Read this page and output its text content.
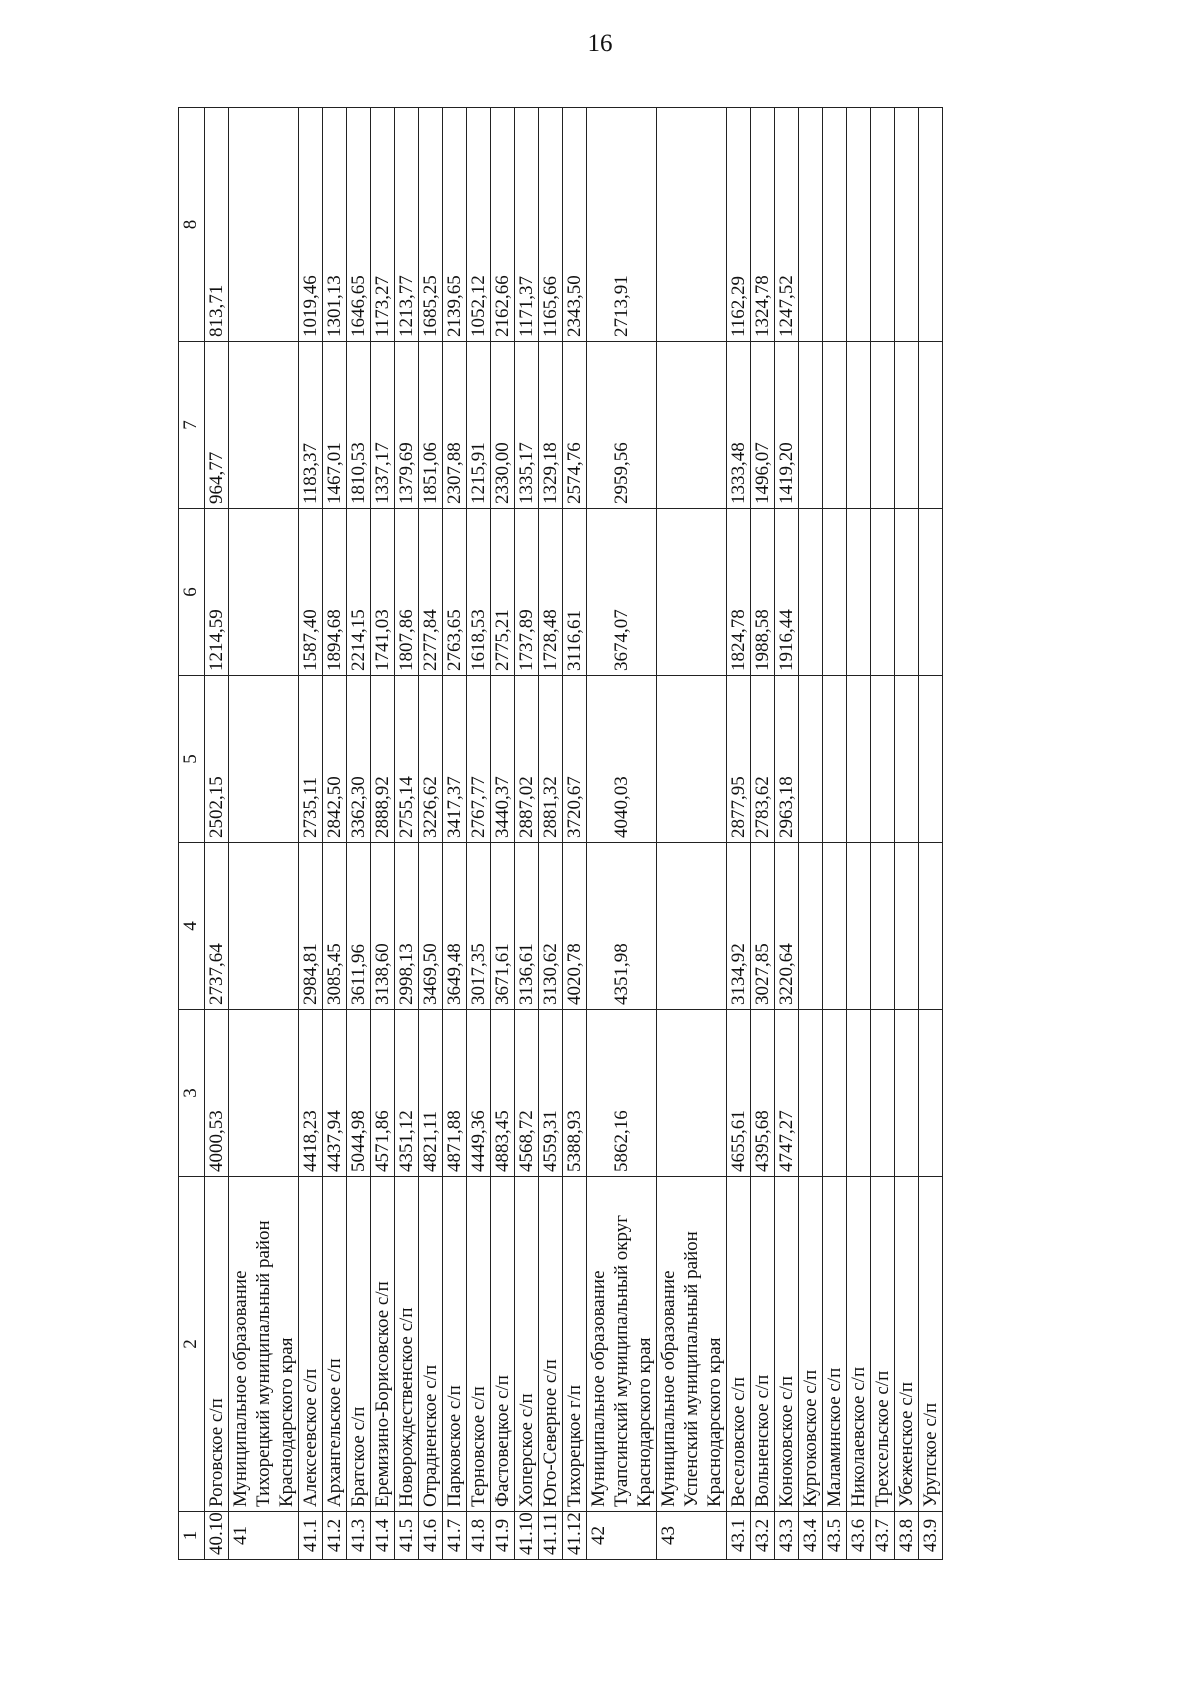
16
1	2	3	4	5	6	7	8
40.10	Роговское с/п	4000,53	2737,64	2502,15	1214,59	964,77	813,71
41	Муниципальное образование Тихорецкий муниципальный район Краснодарского края						
41.1	Алексеевское с/п	4418,23	2984,81	2735,11	1587,40	1183,37	1019,46
41.2	Архангельское с/п	4437,94	3085,45	2842,50	1894,68	1467,01	1301,13
41.3	Братское с/п	5044,98	3611,96	3362,30	2214,15	1810,53	1646,65
41.4	Еремизино-Борисовское с/п	4571,86	3138,60	2888,92	1741,03	1337,17	1173,27
41.5	Новорождественское с/п	4351,12	2998,13	2755,14	1807,86	1379,69	1213,77
41.6	Отрадненское с/п	4821,11	3469,50	3226,62	2277,84	1851,06	1685,25
41.7	Парковское с/п	4871,88	3649,48	3417,37	2763,65	2307,88	2139,65
41.8	Терновское с/п	4449,36	3017,35	2767,77	1618,53	1215,91	1052,12
41.9	Фастовецкое с/п	4883,45	3671,61	3440,37	2775,21	2330,00	2162,66
41.10	Хоперское с/п	4568,72	3136,61	2887,02	1737,89	1335,17	1171,37
41.11	Юго-Северное с/п	4559,31	3130,62	2881,32	1728,48	1329,18	1165,66
41.12	Тихорецкое г/п	5388,93	4020,78	3720,67	3116,61	2574,76	2343,50
42	Муниципальное образование Туапсинский муниципальный округ Краснодарского края	5862,16	4351,98	4040,03	3674,07	2959,56	2713,91
43	Муниципальное образование Успенский муниципальный район Краснодарского края						
43.1	Веселовское с/п	4655,61	3134,92	2877,95	1824,78	1333,48	1162,29
43.2	Вольненское с/п	4395,68	3027,85	2783,62	1988,58	1496,07	1324,78
43.3	Коноковское с/п	4747,27	3220,64	2963,18	1916,44	1419,20	1247,52
43.4	Кургоковское с/п						
43.5	Маламинское с/п						
43.6	Николаевское с/п						
43.7	Трехсельское с/п						
43.8	Убеженское с/п						
43.9	Урупское с/п						
